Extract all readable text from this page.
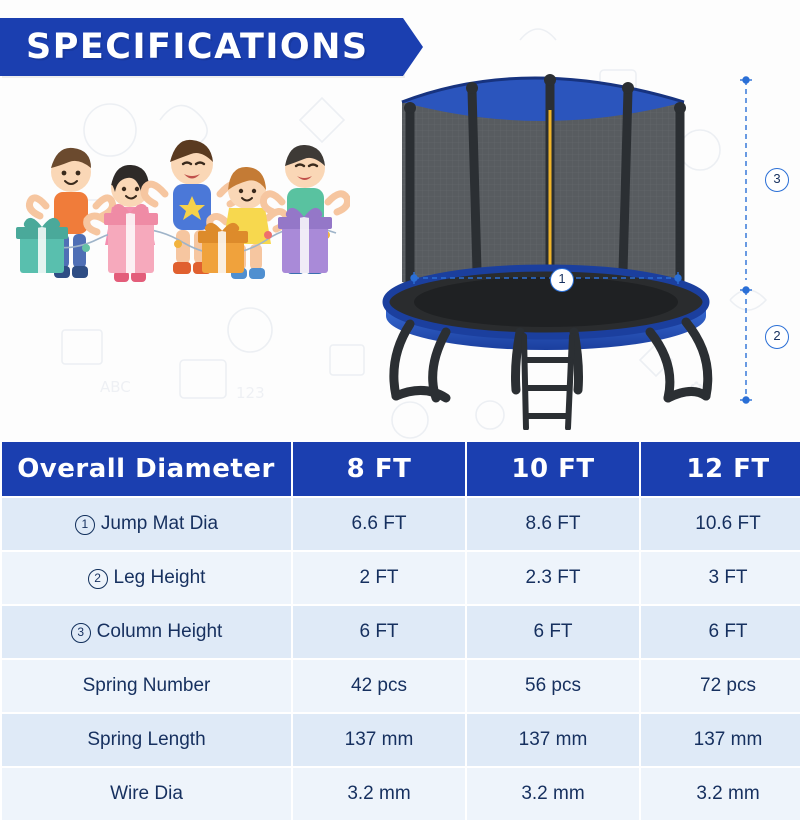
ABC	123	✿
SPECIFICATIONS
1
2
3
Overall Diameter	8 FT	10 FT	12 FT
1 Jump Mat Dia	6.6 FT	8.6 FT	10.6 FT
2 Leg Height	2 FT	2.3 FT	3 FT
3 Column Height	6 FT	6 FT	6 FT
Spring Number	42 pcs	56 pcs	72 pcs
Spring Length	137 mm	137 mm	137 mm
Wire Dia	3.2 mm	3.2 mm	3.2 mm
